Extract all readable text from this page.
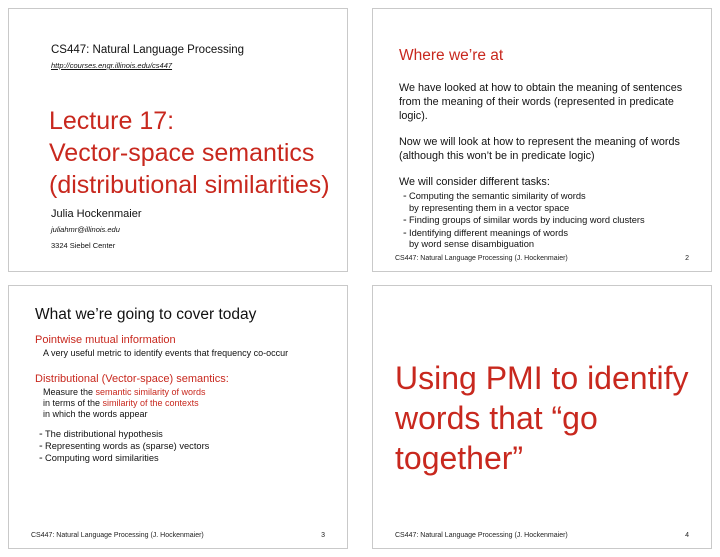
CS447: Natural Language Processing

http://courses.engr.illinois.edu/cs447

Lecture 17:
Vector-space semantics
(distributional similarities)

Julia Hockenmaier

juliahmr@illinois.edu

3324 Siebel Center

Where we’re at

We have looked at how to obtain the meaning of sentences from the meaning of their words (represented in predicate logic).

Now we will look at how to represent the meaning of words (although this won’t be in predicate logic)

We will consider different tasks:
- Computing the semantic similarity of words
by representing them in a vector space
- Finding groups of similar words by inducing word clusters
- Identifying different meanings of words
by word sense disambiguation
CS447: Natural Language Processing (J. Hockenmaier)	2

What we’re going to cover today

Pointwise mutual information

A very useful metric to identify events that frequency co-occur

Distributional (Vector-space) semantics:

Measure the semantic similarity of words
in terms of the similarity of the contexts
in which the words appear
- The distributional hypothesis
- Representing words as (sparse) vectors
- Computing word similarities
CS447: Natural Language Processing (J. Hockenmaier)	3

Using PMI to identify words that “go together”

CS447: Natural Language Processing (J. Hockenmaier)	4
